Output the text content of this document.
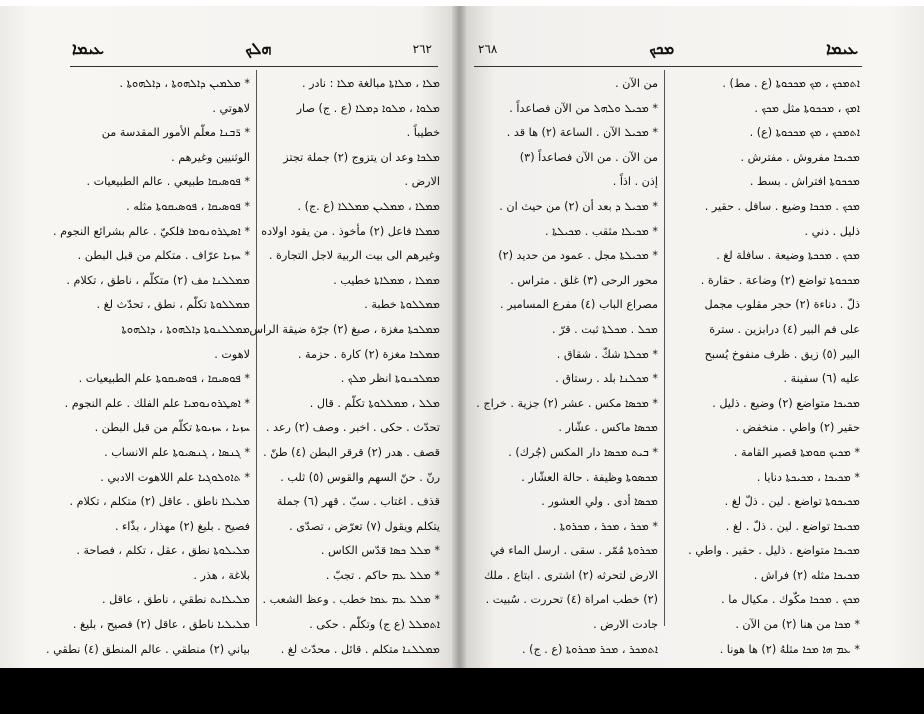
ܥܝܡܐ	ܗܠܟ	٢٦٢	٢٦٨	ܡܟܟ	ܥܝܡܐ
* ܡܠܡܝܢ ܕܐܠܗܘܬܐ ، ܕܐܠܗܘܬܐ .
لاهوتي .
* ܪ̈ܒܢܐ معلّم الأمور المقدسة من
الوثنيين وغيرهم .
* ܦܘܣܝܩܐ طبيعي . عالم الطبيعيات .
* ܦܘܣܝܩܐ ، ܦܘܣܝܩܘܬܐ مثله .
* ܐܣܛܪܘܢܘܡܐ فلكيّ . عالم بشرائع النجوم .
* ܚܙܝܐ عرّاف . متكلم من قبل البطن .
ܡܡܠܠܢܐ مف (٢) متكلّم ، ناطق ، تكلام .
ܡܡܠܠܘܬܐ تكلّم ، نطق ، تحدّث لغ .
ܡܡܠܠܢܘܬܐ ܕܐܠܗܘܬܐ ، ܕܐܠܗܘܬܐ
لاهوت .
* ܦܘܣܝܩܐ ، ܦܘܣܝܩܘܬܐ علم الطبيعيات .
* ܐܣܛܪܘܢܘܡܝܐ علم الفلك . علم النجوم .
ܚܙܝܐ ، ܚܙܝܘܬܐ تكلّم من قبل البطن .
* ܓܢܣܐ ، ܓܢܣܝܘܬܐ علم الانساب .
* ܬܐܘܠܘܓܝܐ علم اللاهوت الادبي .
ܡܠܝܠܐ ناطق . عاقل (٢) متكلم ، تكلام .
فصيح . بليغ (٢) مهذار ، بذّاء .
ܡܠܝܠܘܬܐ نطق ، عقل ، تكلم ، فصاحة .
بلاغة ، هذر .
ܡܠܝܠܐܝܬ نطقي ، ناطق ، عاقل .
ܡܠܝܠܝܐ ناطق ، عاقل (٢) فصيح ، بليغ .
بياني (٢) منطقي . عالم المنطق (٤) نطقي .
ܡܠܐ ، ܡܠܐܬܐ مبالغة ܡܠܐ : نادر .
ܡܠܘܐ ، ܡܠܘܐ ܕܡܠܐ (ع . ج) صار
خطيباً .
ܡܠܟܐ وعد ان يتزوج (٢) جملة تجتز
الارض .
ܡܡܠܐ ، ܡܡܠܝܢ ܡܡܠܠܐ (ع .ج) .
ܡܡܠܐ فاعل (٢) مأخوذ . من يقود اولاده
وغيرهم الى بيت الربية لاجل التجارة .
ܡܡܠܐ ، ܡܡܠܐܬܐ خطيب .
ܡܡܠܠܘܬܐ خطبة .
ܡܡܠܟܬܐ مغزة ، صبغ (٢) جرّة ضيقة الراس .
ܡܡܠܟܐ مغزة (٢) كارة . حزمة .
ܡܡܠܟܢܘܬܐ انظر ܡܠܟ .
ܡܠܠ ، ܡܡܠܠܘܬܐ تكلّم . قال .
تحدّث . حكى . اخبر . وصف (٢) رعد .
قصف . هدر (٢) قرقر البطن (٤) طنّ .
رنّ . حنّ السهم والقوس (٥) ثلب .
قذف . اغتاب . سبّ . قهر (٦) جملة
يتكلم ويقول (٧) تعرّض ، تصدّى .
* ܡܠܠ ܟܣܐ قدّس الكاس .
* ܡܠܠ ܥܡ حاكم . تجبّ .
* ܡܠܠ ܥܡ ܥܡܐ خطب . وعظ الشعب .
ܐܬܡܠܠ (ع ج) وتكلّم . حكى .
ܡܡܠܠܢܐ متكلم . قائل . محدّث لغ .
من الآن .
* ܡܟܝܠ ܘܠܗܠ من الآن فصاعداً .
* ܡܟܝܠ الآن . الساعة (٢) ها قد .
من الآن . من الآن فصاعداً (٣)
إذن . اذاً .
* ܡܟܝܠ ܕ بعد أن (٢) من حيث ان .
* ܡܟܝܠܐ مثقب . ܡܟܝܠܬܐ .
* ܡܟܝܠܬܐ مجل . عمود من حديد (٢)
محور الرحى (٣) غلق . متراس .
مصراع الباب (٤) مفرع المسامير .
ܡܟܠ . ܡܟܠܬܐ ثبت . قرّ .
* ܡܟܠܬܐ شكّ . شقاق .
* ܡܟܠܢܐ بلد . رستاق .
* ܡܟܣܐ مكس . عشر (٢) جزية . خراج .
ܡܟܣܐ ماكس . عشّار .
* ܒܝܬ ܡܟܣܐ دار المكس (جُرك) .
ܡܟܣܘܬܐ وظيفة . حالة العشّار .
ܡܟܣܐ أدى . ولي العشور .
* ܡܟܪ ، ܡܟܪ ، ܡܟܪܘܬܐ .
ܡܟܪܘܬܐ مُمّر . سقى . ارسل الماء في
الارض لتحرثه (٢) اشترى . ابتاع . ملك
(٢) خطب امراة (٤) تحررت . سُبيت .
جادت الارض .
ܐܬܡܟܪ ، ܡܟܪ ܡܟܪܘܬܐ (ع . ج) .
ܐܬܡܟܟ ، ܡܟ ܡܟܟܘܬܐ (ع . مط) .
ܐܡܟ ، ܡܟܟܘܬܐ مثل ܡܟܟ .
ܐܬܡܟܟ ، ܡܟ ܡܟܟܘܬܐ (ع) .
ܡܟܝܟܐ مفروش . مفترش .
ܡܟܟܘܬܐ افتراش . بسط .
ܡܟܟ . ܡܟܟܐ وضيع . سافل . حقير .
ذليل . دني .
ܡܟܟ . ܡܟܟܬܐ وضيعة . سافلة لغ .
ܡܟܟܘܬܐ تواضع (٢) وضاعة . حقارة .
ذلّ . دناءة (٢) حجر مقلوب مجمل
على فم البير (٤) درابزين . سترة
البير (٥) زيق . ظرف منفوخ يُسبح
عليه (٦) سفينة .
ܡܟܝܟܐ متواضع (٢) وضيع . ذليل .
حقير (٢) واطي . منخفض .
* ܡܟܝܟ ܩܘܡܬܐ قصير القامة .
* ܡܟܝܟܐ ، ܡܟܝܟܬܐ دنايا .
ܡܟܝܟܘܬܐ تواضع . لين . ذلّ لغ .
ܡܟܝܟܐ تواضع . لين . ذلّ . لغ .
ܡܟܝܟܐ متواضع . ذليل . حقير . واطي .
ܡܟܝܟܐ مثله (٢) فراش .
ܡܟܟ . ܡܟܟܐ مكّوك . مكيال ما .
* ܡܟܐ من هنا (٢) من الآن .
* ܥܡ ܗܐ ܡܟܐ مثلهُ (٢) ها هونا .
